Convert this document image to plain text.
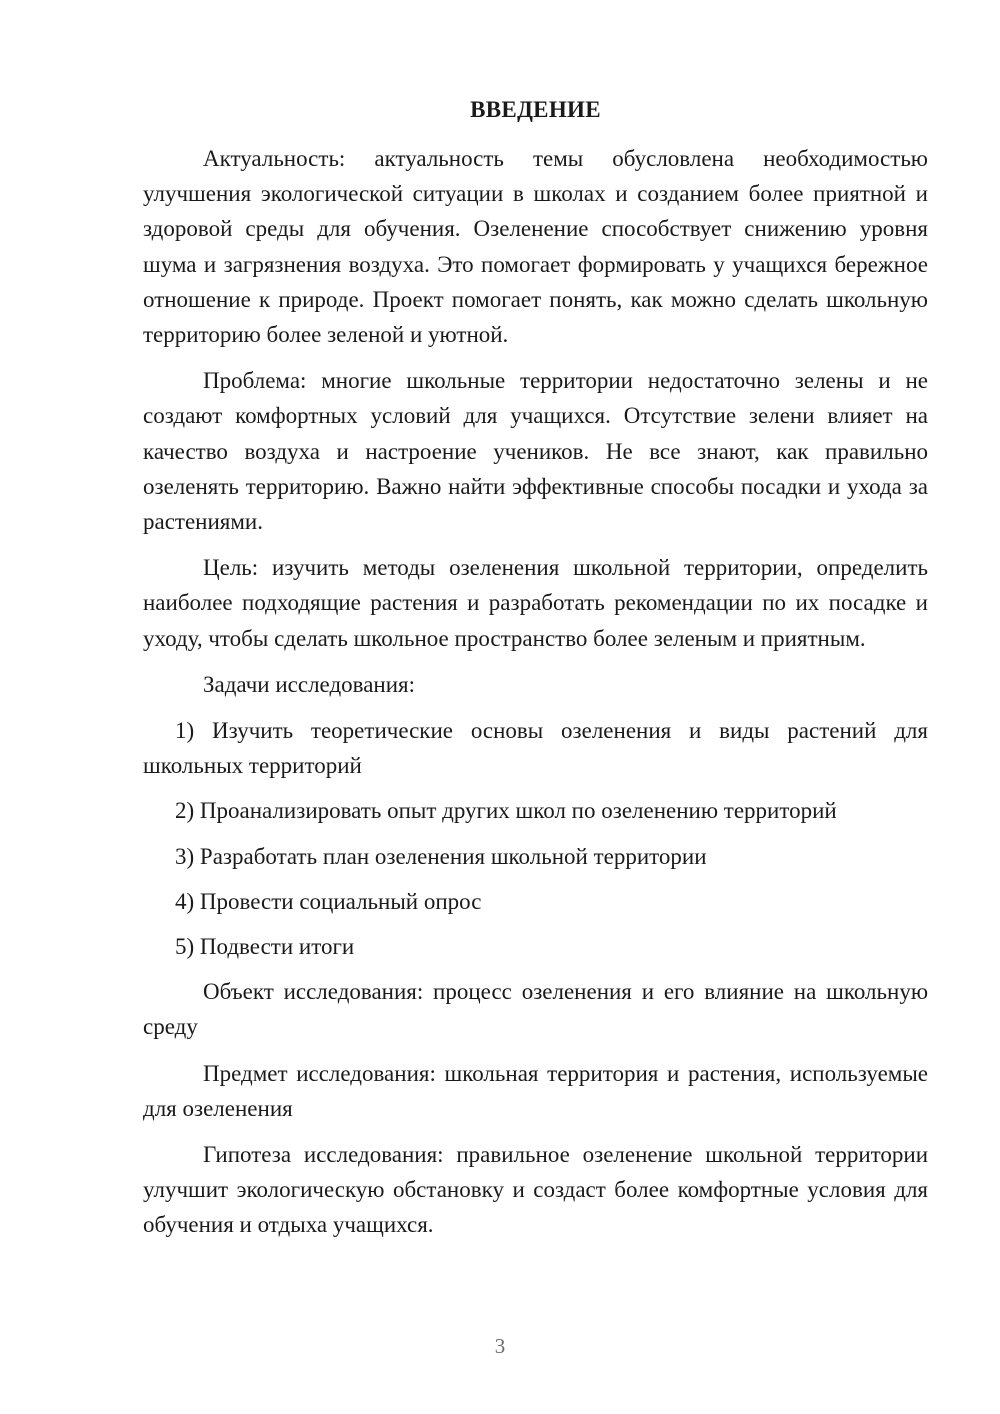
ВВЕДЕНИЕ

Актуальность: актуальность темы обусловлена необходимостью улучшения экологической ситуации в школах и созданием более приятной и здоровой среды для обучения. Озеленение способствует снижению уровня шума и загрязнения воздуха. Это помогает формировать у учащихся бережное отношение к природе. Проект помогает понять, как можно сделать школьную территорию более зеленой и уютной.

Проблема: многие школьные территории недостаточно зелены и не создают комфортных условий для учащихся. Отсутствие зелени влияет на качество воздуха и настроение учеников. Не все знают, как правильно озеленять территорию. Важно найти эффективные способы посадки и ухода за растениями.

Цель: изучить методы озеленения школьной территории, определить наиболее подходящие растения и разработать рекомендации по их посадке и уходу, чтобы сделать школьное пространство более зеленым и приятным.

Задачи исследования:

1) Изучить теоретические основы озеленения и виды растений для школьных территорий

2) Проанализировать опыт других школ по озеленению территорий

3) Разработать план озеленения школьной территории

4) Провести социальный опрос

5) Подвести итоги

Объект исследования: процесс озеленения и его влияние на школьную среду

Предмет исследования: школьная территория и растения, используемые для озеленения

Гипотеза исследования: правильное озеленение школьной территории улучшит экологическую обстановку и создаст более комфортные условия для обучения и отдыха учащихся.

3
